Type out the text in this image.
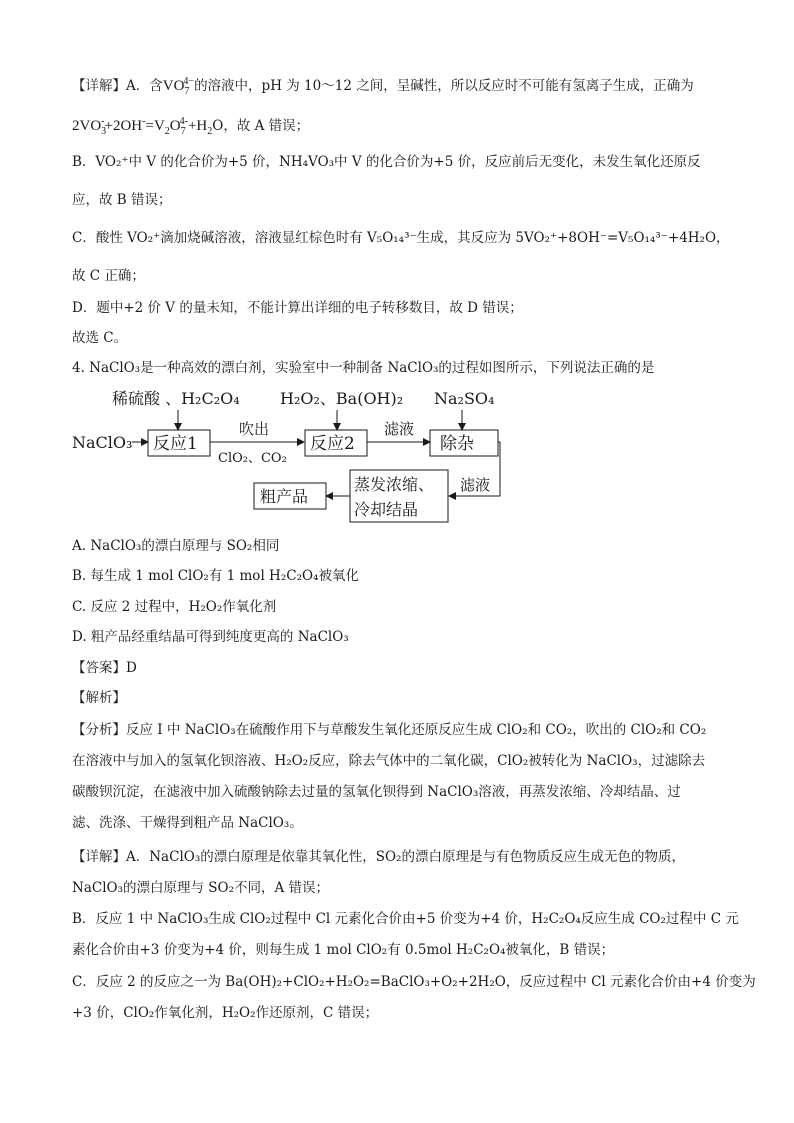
【详解】A．含$VO_7^{4-}$的溶液中，pH 为 10～12 之间，呈碱性，所以反应时不可能有氢离子生成，正确为
$2VO_3^-+2OH^-=V_2O_7^{4-}+H_2O$，故 A 错误；
B．VO₂⁺中 V 的化合价为+5 价，NH₄VO₃中 V 的化合价为+5 价，反应前后无变化，未发生氧化还原反
应，故 B 错误；
C．酸性 VO₂⁺滴加烧碱溶液，溶液显红棕色时有 V₅O₁₄³⁻生成，其反应为 5VO₂⁺+8OH⁻=V₅O₁₄³⁻+4H₂O，
故 C 正确；
D．题中+2 价 V 的量未知，不能计算出详细的电子转移数目，故 D 错误；
故选 C。
4. NaClO₃是一种高效的漂白剂，实验室中一种制备 NaClO₃的过程如图所示，下列说法正确的是
稀硫酸 、H₂C₂O₄	H₂O₂、Ba(OH)₂ Na₂SO₄
NaClO₃ 反应1
吹出
ClO₂、CO₂
反应2
滤液
除杂
滤液
蒸发浓缩、
冷却结晶
粗产品
A. NaClO₃的漂白原理与 SO₂相同
B. 每生成 1 mol ClO₂有 1 mol H₂C₂O₄被氧化
C. 反应 2 过程中，H₂O₂作氧化剂
D. 粗产品经重结晶可得到纯度更高的 NaClO₃
【答案】D
【解析】
【分析】反应 I 中 NaClO₃在硫酸作用下与草酸发生氧化还原反应生成 ClO₂和 CO₂，吹出的 ClO₂和 CO₂
在溶液中与加入的氢氧化钡溶液、H₂O₂反应，除去气体中的二氧化碳，ClO₂被转化为 NaClO₃，过滤除去
碳酸钡沉淀，在滤液中加入硫酸钠除去过量的氢氧化钡得到 NaClO₃溶液，再蒸发浓缩、冷却结晶、过
滤、洗涤、干燥得到粗产品 NaClO₃。
【详解】A．NaClO₃的漂白原理是依靠其氧化性，SO₂的漂白原理是与有色物质反应生成无色的物质，
NaClO₃的漂白原理与 SO₂不同，A 错误；
B．反应 1 中 NaClO₃生成 ClO₂过程中 Cl 元素化合价由+5 价变为+4 价，H₂C₂O₄反应生成 CO₂过程中 C 元
素化合价由+3 价变为+4 价，则每生成 1 mol ClO₂有 0.5mol H₂C₂O₄被氧化，B 错误；
C．反应 2 的反应之一为 Ba(OH)₂+ClO₂+H₂O₂=BaClO₃+O₂+2H₂O，反应过程中 Cl 元素化合价由+4 价变为
+3 价，ClO₂作氧化剂，H₂O₂作还原剂，C 错误；
